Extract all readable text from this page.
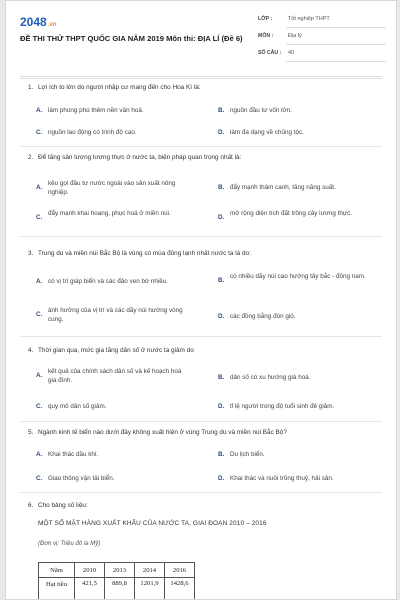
2048.vn
ĐỀ THI THỬ THPT QUỐC GIA NĂM 2019 Môn thi: ĐỊA LÍ (Đề 6)
LỚP :	Tốt nghiệp THPT
MÔN :	Địa lý
SỐ CÂU : 40
1. Lợi ích to lớn do người nhập cư mang đến cho Hoa Kì là:
A. làm phong phú thêm nền văn hoá.	B. nguồn đầu tư vốn lớn.
C. nguồn lao động có trình độ cao.	D. làm đa dạng về chủng tộc.
2. Để tăng sản lượng lương thực ở nước ta, biện pháp quan trọng nhất là:
A.
kêu gọi đầu tư nước ngoài vào sản xuất nông nghiệp.
B. đẩy mạnh thâm canh, tăng năng suất.
C.
đẩy mạnh khai hoang, phục hoá ở miền núi.
D.
mở rộng diện tích đất trồng cây lương thực.
3. Trung du và miền núi Bắc Bộ là vùng có mùa đông lạnh nhất nước ta là do:
A. có vị trí giáp biển và các đảo ven bờ nhiều.	B.
có nhiều dãy núi cao hướng tây bắc - đông nam.
C.
ảnh hưởng của vị trí và các dãy núi hướng vòng cung.	D. các đồng bằng đón gió.
4. Thời gian qua, mức gia tăng dân số ở nước ta giảm do
A.
kết quả của chính sách dân số và kế hoạch hoá gia đình.	B. dân số có xu hướng già hoá.
C. quy mô dân số giảm.	D. tỉ lệ người trong độ tuổi sinh đẻ giảm.
5. Ngành kinh tế biển nào dưới đây không xuất hiện ở vùng Trung du và miền núi Bắc Bộ?
A. Khai thác dầu khí.	B. Du lịch biển.
C. Giao thông vận tải biển.	D. Khai thác và nuôi trồng thuỷ, hải sản.
6. Cho bảng số liệu:
MỘT SỐ MẶT HÀNG XUẤT KHẨU CỦA NƯỚC TA, GIAI ĐOẠN 2010 – 2016
(Đơn vị: Triệu đô la Mỹ)
Năm	2010	2013	2014	2016
Hạt tiêu	421,5	889,8	1201,9	1428,6
